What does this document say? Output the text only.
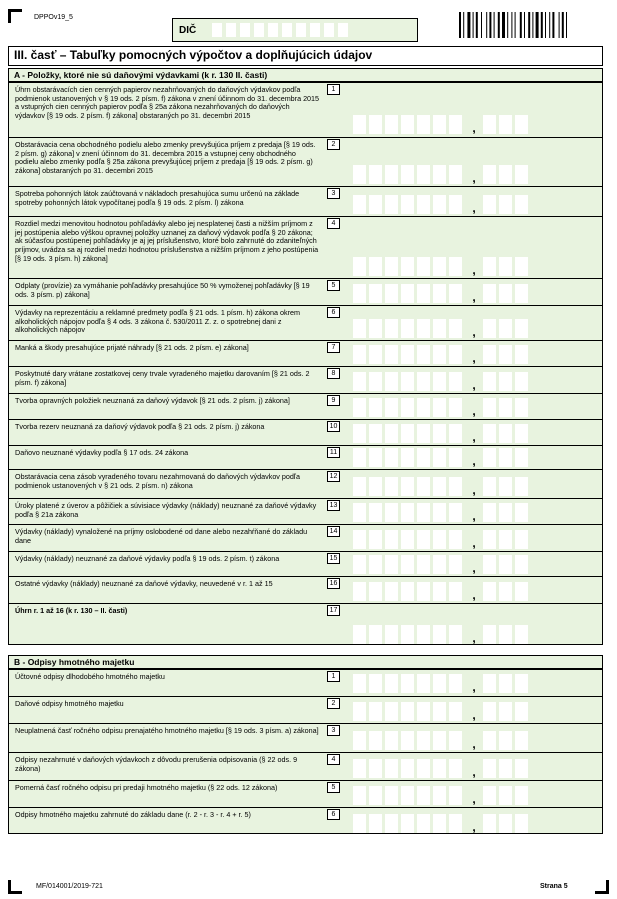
DPPOv19_5
DIČ
III. časť – Tabuľky pomocných výpočtov a doplňujúcich údajov
A - Položky, ktoré nie sú daňovými výdavkami (k r. 130 II. časti)
Úhrn obstarávacích cien cenných papierov nezahrňovaných do daňových výdavkov podľa podmienok ustanovených v § 19 ods. 2 písm. f) zákona v znení účinnom do 31. decembra 2015 a vstupných cien cenných papierov podľa § 25a zákona nezahrňovaných do daňových výdavkov [§ 19 ods. 2 písm. f) zákona] obstaraných po 31. decembri 2015
1
,
Obstarávacia cena obchodného podielu alebo zmenky prevyšujúca príjem z predaja [§ 19 ods. 2 písm. g) zákona] v znení účinnom do 31. decembra 2015 a vstupnej ceny obchodného podielu alebo zmenky podľa § 25a zákona prevyšujúcej príjem z predaja [§ 19 ods. 2 písm. g) zákona] obstaraných po 31. decembri 2015
2
,
Spotreba pohonných látok zaúčtovaná v nákladoch presahujúca sumu určenú na základe spotreby pohonných látok vypočítanej podľa § 19 ods. 2 písm. l) zákona
3
,
Rozdiel medzi menovitou hodnotou pohľadávky alebo jej nesplatenej časti a nižším príjmom z jej postúpenia alebo výškou opravnej položky uznanej za daňový výdavok podľa § 20 zákona; ak súčasťou postúpenej pohľadávky je aj jej príslušenstvo, ktoré bolo zahrnuté do zdaniteľných príjmov, uvádza sa aj rozdiel medzi hodnotou príslušenstva a nižším príjmom z jeho postúpenia [§ 19 ods. 3 písm. h) zákona]
4
,
Odplaty (provízie) za vymáhanie pohľadávky presahujúce 50 % vymoženej pohľadávky [§ 19 ods. 3 písm. p) zákona]
5
,
Výdavky na reprezentáciu a reklamné predmety podľa § 21 ods. 1 písm. h) zákona okrem alkoholických nápojov podľa § 4 ods. 3 zákona č. 530/2011 Z. z. o spotrebnej dani z alkoholických nápojov
6
,
Manká a škody presahujúce prijaté náhrady [§ 21 ods. 2 písm. e) zákona]	7
,
Poskytnuté dary vrátane zostatkovej ceny trvale vyradeného majetku darovaním [§ 21 ods. 2 písm. f) zákona]
8
,
Tvorba opravných položiek neuznaná za daňový výdavok [§ 21 ods. 2 písm. j) zákona]	9
,
Tvorba rezerv neuznaná za daňový výdavok podľa § 21 ods. 2 písm. j) zákona	10
,
Daňovo neuznané výdavky podľa § 17 ods. 24 zákona	11
,
Obstarávacia cena zásob vyradeného tovaru nezahrnovaná do daňových výdavkov podľa podmienok ustanovených v § 21 ods. 2 písm. n) zákona
12
,
Úroky platené z úverov a pôžičiek a súvisiace výdavky (náklady) neuznané za daňové výdavky podľa § 21a zákona
13
,
Výdavky (náklady) vynaložené na príjmy oslobodené od dane alebo nezahŕňané do základu dane
14
,
Výdavky (náklady) neuznané za daňové výdavky podľa § 19 ods. 2 písm. t) zákona	15
,
Ostatné výdavky (náklady) neuznané za daňové výdavky, neuvedené v r. 1 až 15	16
,
Úhrn r. 1 až 16 (k r. 130 – II. časti)	17
,
B - Odpisy hmotného majetku
Účtovné odpisy dlhodobého hmotného majetku	1
,
Daňové odpisy hmotného majetku	2
,
Neuplatnená časť ročného odpisu prenajatého hmotného majetku [§ 19 ods. 3 písm. a) zákona]	3
,
Odpisy nezahrnuté v daňových výdavkoch z dôvodu prerušenia odpisovania (§ 22 ods. 9 zákona)
4
,
Pomerná časť ročného odpisu pri predaji hmotného majetku (§ 22 ods. 12 zákona)	5
,
Odpisy hmotného majetku zahrnuté do základu dane (r. 2 - r. 3 - r. 4 + r. 5)	6
,
MF/014001/2019-721	Strana 5
